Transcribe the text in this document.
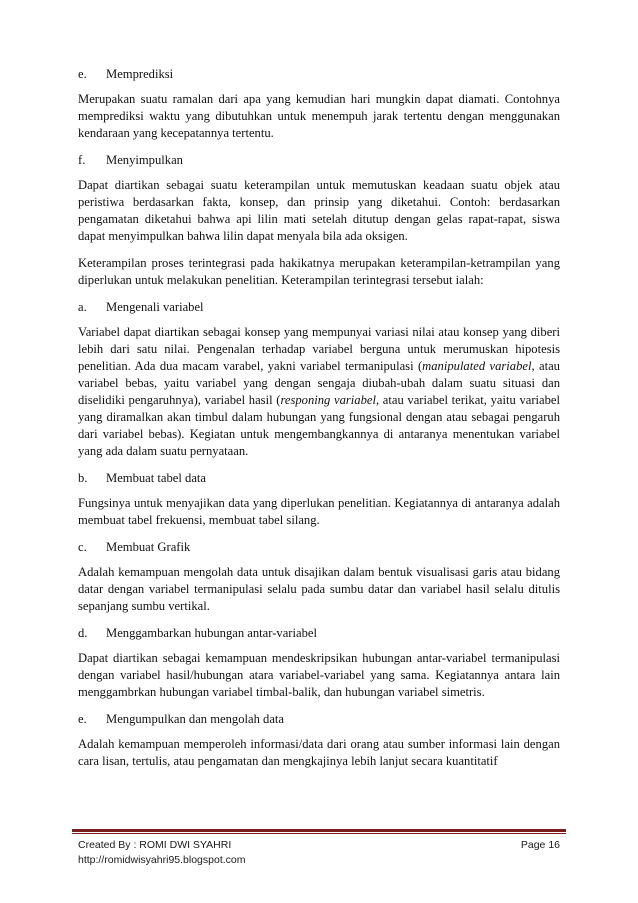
e.	Memprediksi

Merupakan suatu ramalan dari apa yang kemudian hari mungkin dapat diamati. Contohnya memprediksi waktu yang dibutuhkan untuk menempuh jarak tertentu dengan menggunakan kendaraan yang kecepatannya tertentu.

f.	Menyimpulkan

Dapat diartikan sebagai suatu keterampilan untuk memutuskan keadaan suatu objek atau peristiwa berdasarkan fakta, konsep, dan prinsip yang diketahui. Contoh: berdasarkan pengamatan diketahui bahwa api lilin mati setelah ditutup dengan gelas rapat-rapat, siswa dapat menyimpulkan bahwa lilin dapat menyala bila ada oksigen.

Keterampilan proses terintegrasi pada hakikatnya merupakan keterampilan-ketrampilan yang diperlukan untuk melakukan penelitian. Keterampilan terintegrasi tersebut ialah:

a.	Mengenali variabel

Variabel dapat diartikan sebagai konsep yang mempunyai variasi nilai atau konsep yang diberi lebih dari satu nilai. Pengenalan terhadap variabel berguna untuk merumuskan hipotesis penelitian. Ada dua macam varabel, yakni variabel termanipulasi (manipulated variabel, atau variabel bebas, yaitu variabel yang dengan sengaja diubah-ubah dalam suatu situasi dan diselidiki pengaruhnya), variabel hasil (responing variabel, atau variabel terikat, yaitu variabel yang diramalkan akan timbul dalam hubungan yang fungsional dengan atau sebagai pengaruh dari variabel bebas). Kegiatan untuk mengembangkannya di antaranya menentukan variabel yang ada dalam suatu pernyataan.

b.	Membuat tabel data

Fungsinya untuk menyajikan data yang diperlukan penelitian. Kegiatannya di antaranya adalah membuat tabel frekuensi, membuat tabel silang.

c.	Membuat Grafik

Adalah kemampuan mengolah data untuk disajikan dalam bentuk visualisasi garis atau bidang datar dengan variabel termanipulasi selalu pada sumbu datar dan variabel hasil selalu ditulis sepanjang sumbu vertikal.

d.	Menggambarkan hubungan antar-variabel

Dapat diartikan sebagai kemampuan mendeskripsikan hubungan antar-variabel termanipulasi dengan variabel hasil/hubungan atara variabel-variabel yang sama. Kegiatannya antara lain menggambrkan hubungan variabel timbal-balik, dan hubungan variabel simetris.

e.	Mengumpulkan dan mengolah data

Adalah kemampuan memperoleh informasi/data dari orang atau sumber informasi lain dengan cara lisan, tertulis, atau pengamatan dan mengkajinya lebih lanjut secara kuantitatif

Created By : ROMI DWI SYAHRI	Page 16
http://romidwisyahri95.blogspot.com
